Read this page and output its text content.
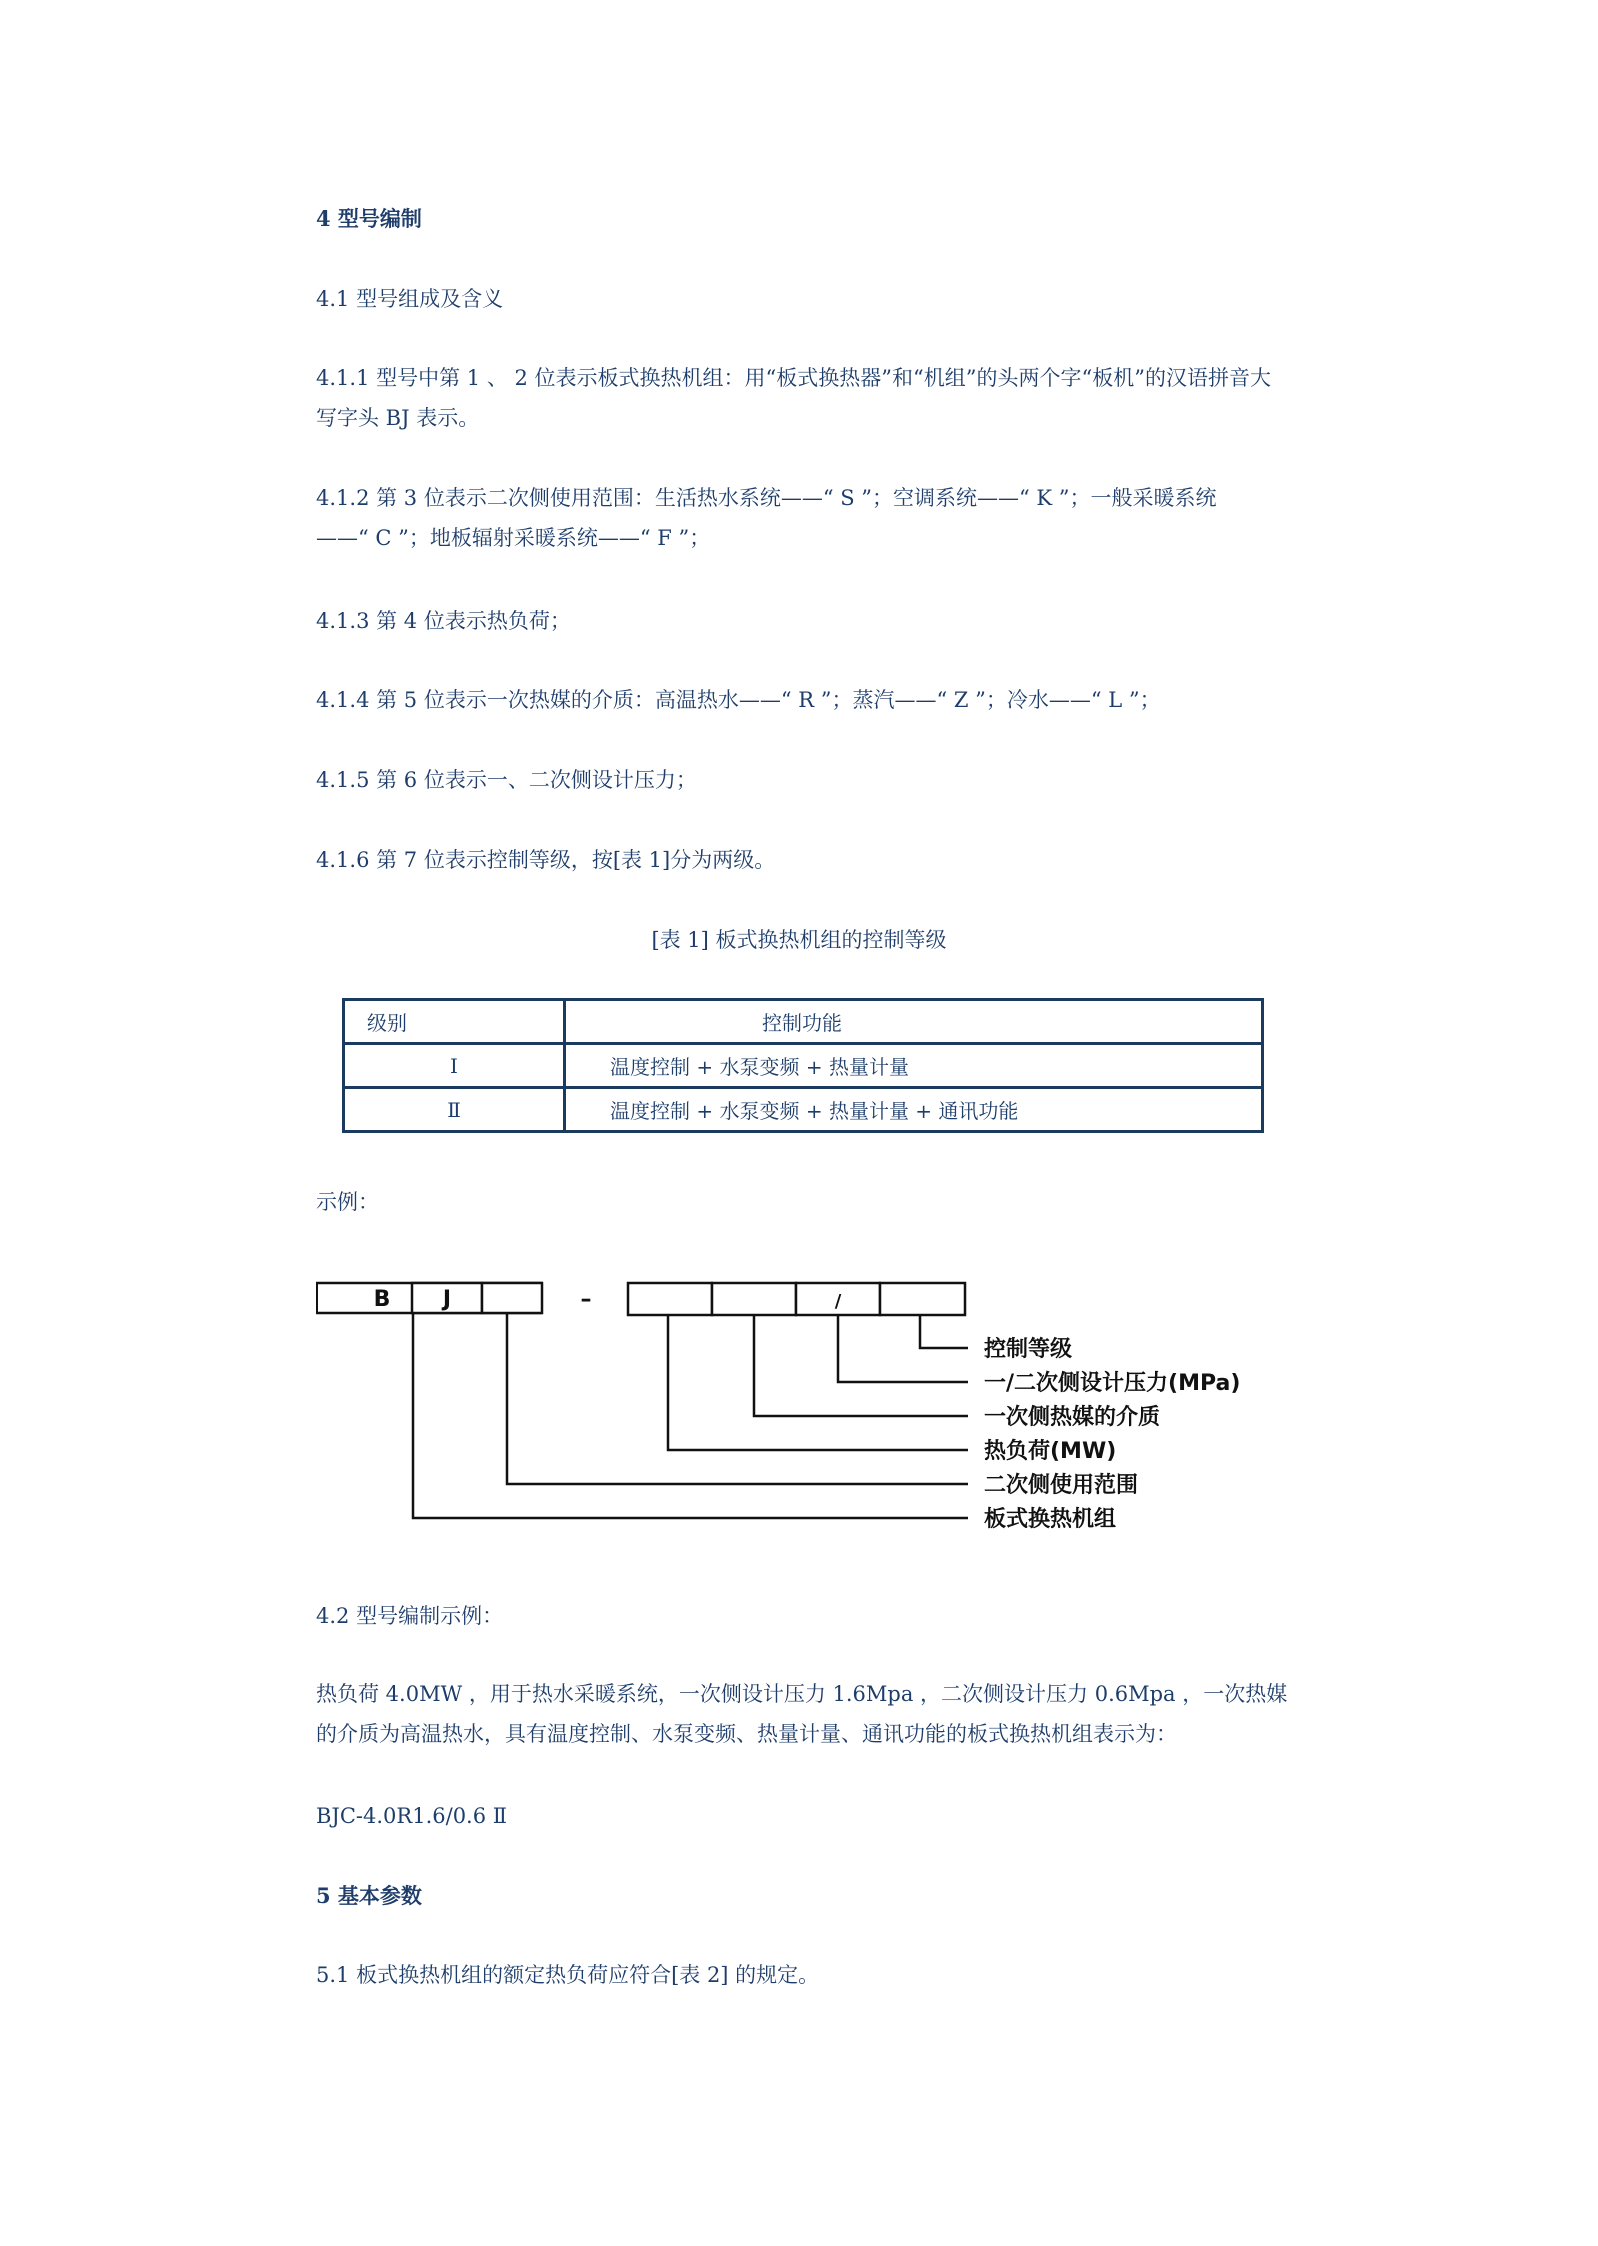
4 型号编制
4.1 型号组成及含义
4.1.1 型号中第 1 、 2 位表示板式换热机组：用“板式换热器”和“机组”的头两个字“板机”的汉语拼音大
写字头 BJ 表示。
4.1.2 第 3 位表示二次侧使用范围：生活热水系统——“ S ”；空调系统——“ K ”；一般采暖系统
——“ C ”；地板辐射采暖系统——“ F ”；
4.1.3 第 4 位表示热负荷；
4.1.4 第 5 位表示一次热媒的介质：高温热水——“ R ”；蒸汽——“ Z ”；冷水——“ L ”；
4.1.5 第 6 位表示一、二次侧设计压力；
4.1.6 第 7 位表示控制等级，按[表 1]分为两级。
[表 1] 板式换热机组的控制等级
级别	控制功能
Ⅰ	温度控制 + 水泵变频 + 热量计量
Ⅱ	温度控制 + 水泵变频 + 热量计量 + 通讯功能
示例：
B J	–	/
控制等级
一/二次侧设计压力(MPa)
一次侧热媒的介质
热负荷(MW)
二次侧使用范围
板式换热机组
4.2 型号编制示例：
热负荷 4.0MW ，用于热水采暖系统，一次侧设计压力 1.6Mpa ，二次侧设计压力 0.6Mpa ，一次热媒
的介质为高温热水，具有温度控制、水泵变频、热量计量、通讯功能的板式换热机组表示为：
BJC-4.0R1.6/0.6 Ⅱ
5 基本参数
5.1 板式换热机组的额定热负荷应符合[表 2] 的规定。
